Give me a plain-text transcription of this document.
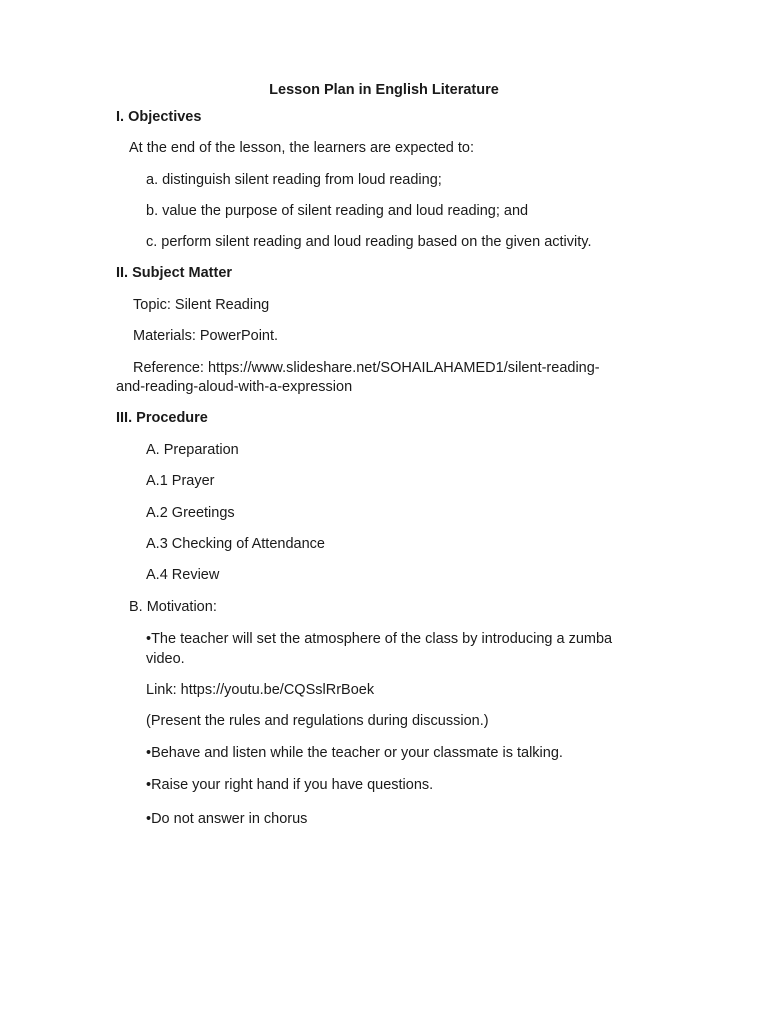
Lesson Plan in English Literature
I. Objectives
At the end of the lesson, the learners are expected to:
a. distinguish silent reading from loud reading;
b. value the purpose of silent reading and loud reading; and
c. perform silent reading and loud reading based on the given activity.
II. Subject Matter
Topic: Silent Reading
Materials: PowerPoint.
Reference: https://www.slideshare.net/SOHAILAHAMED1/silent-reading-
and-reading-aloud-with-a-expression
III. Procedure
A. Preparation
A.1 Prayer
A.2 Greetings
A.3 Checking of Attendance
A.4 Review
B. Motivation:
•The teacher will set the atmosphere of the class by introducing a zumba
video.
Link: https://youtu.be/CQSslRrBoek
(Present the rules and regulations during discussion.)
•Behave and listen while the teacher or your classmate is talking.
•Raise your right hand if you have questions.
•Do not answer in chorus
